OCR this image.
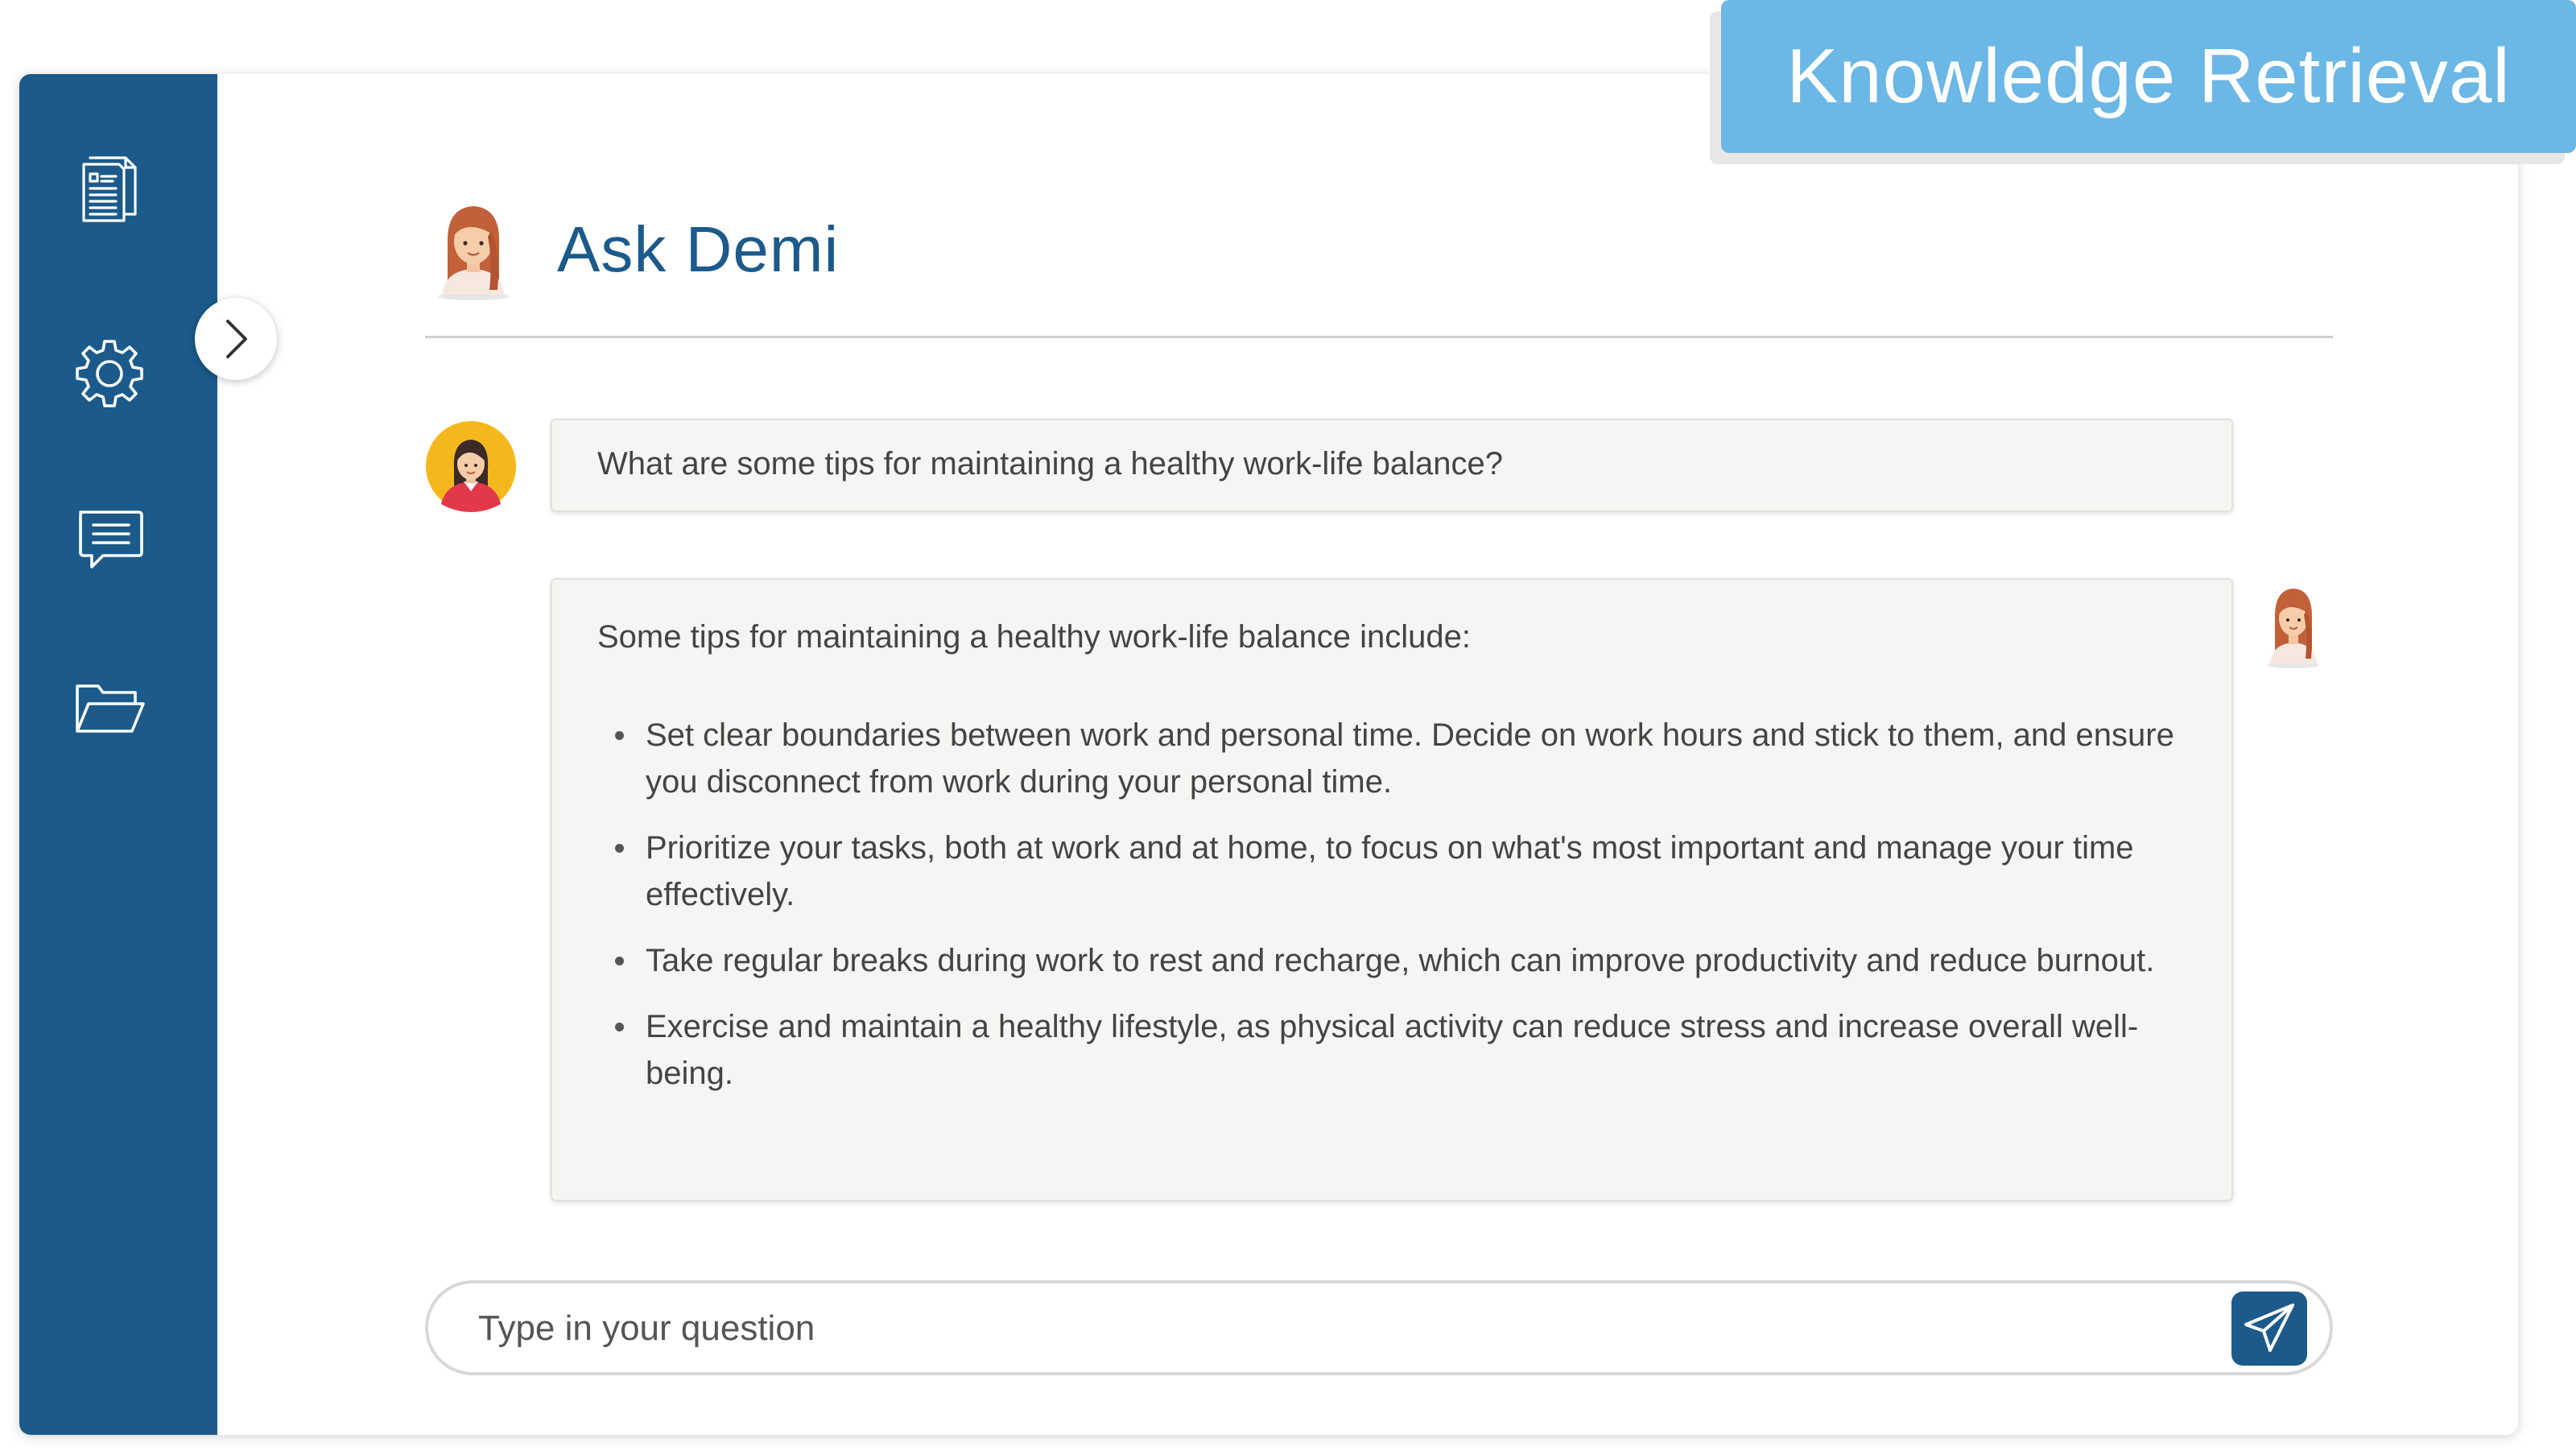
Knowledge Retrieval
Ask Demi
What are some tips for maintaining a healthy work-life balance?

Some tips for maintaining a healthy work-life balance include:

Set clear boundaries between work and personal time. Decide on work hours and stick to them, and ensure you disconnect from work during your personal time.
Prioritize your tasks, both at work and at home, to focus on what's most important and manage your time effectively.
Take regular breaks during work to rest and recharge, which can improve productivity and reduce burnout.
Exercise and maintain a healthy lifestyle, as physical activity can reduce stress and increase overall well-being.
Type in your question
